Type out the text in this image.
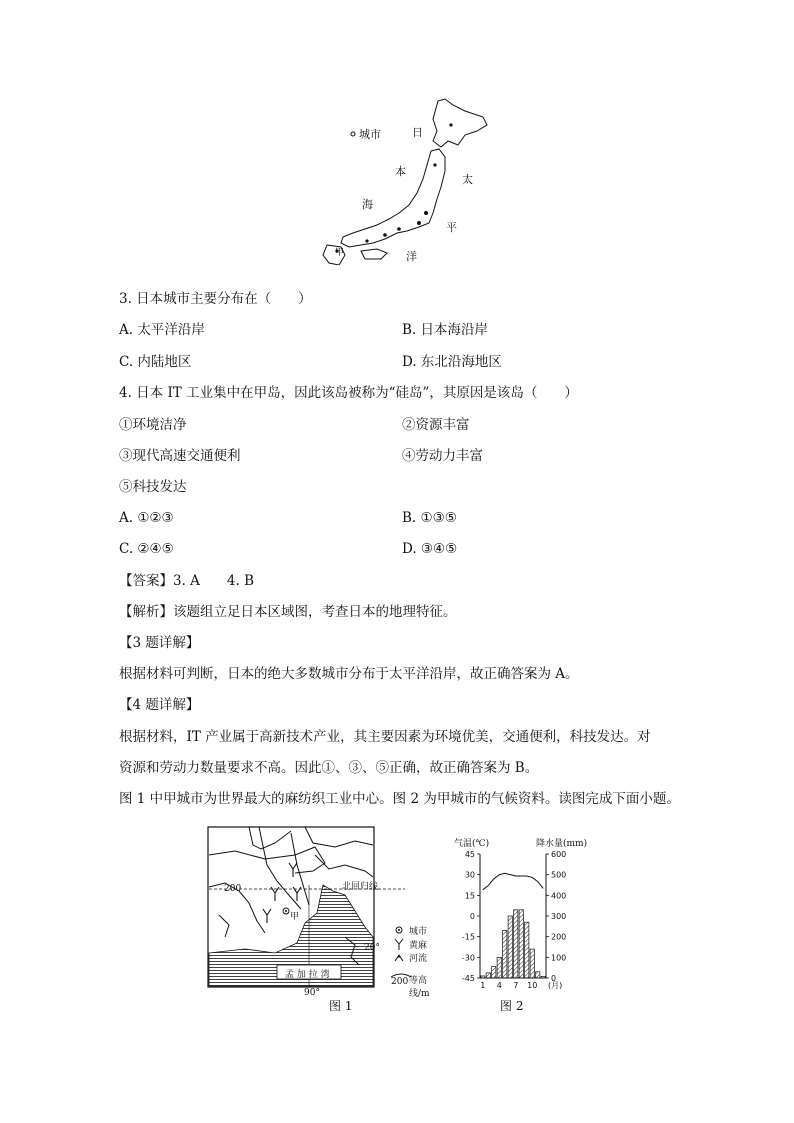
城市	日
本
海
太
平
洋
甲
3. 日本城市主要分布在（　　）
A. 太平洋沿岸	B. 日本海沿岸
C. 内陆地区	D. 东北沿海地区
4. 日本 IT 工业集中在甲岛，因此该岛被称为“硅岛”，其原因是该岛（　　）
①环境洁净	②资源丰富
③现代高速交通便利	④劳动力丰富
⑤科技发达
A. ①②③	B. ①③⑤
C. ②④⑤	D. ③④⑤
【答案】3. A　　4. B
【解析】该题组立足日本区域图，考查日本的地理特征。
【3 题详解】
根据材料可判断，日本的绝大多数城市分布于太平洋沿岸，故正确答案为 A。
【4 题详解】
根据材料，IT 产业属于高新技术产业，其主要因素为环境优美，交通便利，科技发达。对
资源和劳动力数量要求不高。因此①、③、⑤正确，故正确答案为 B。
图 1 中甲城市为世界最大的麻纺织工业中心。图 2 为甲城市的气候资料。读图完成下面小题。
北回归线
200
20°
90°
甲
孟 加 拉 湾
城市
黄麻
河流
200 等高线/m
图 1
45
30
15
0
-15
-30
-45
600
500
400
300
200
100
0
1 4 7 10 (月)
气温(℃)	降水量(mm)
图 2
